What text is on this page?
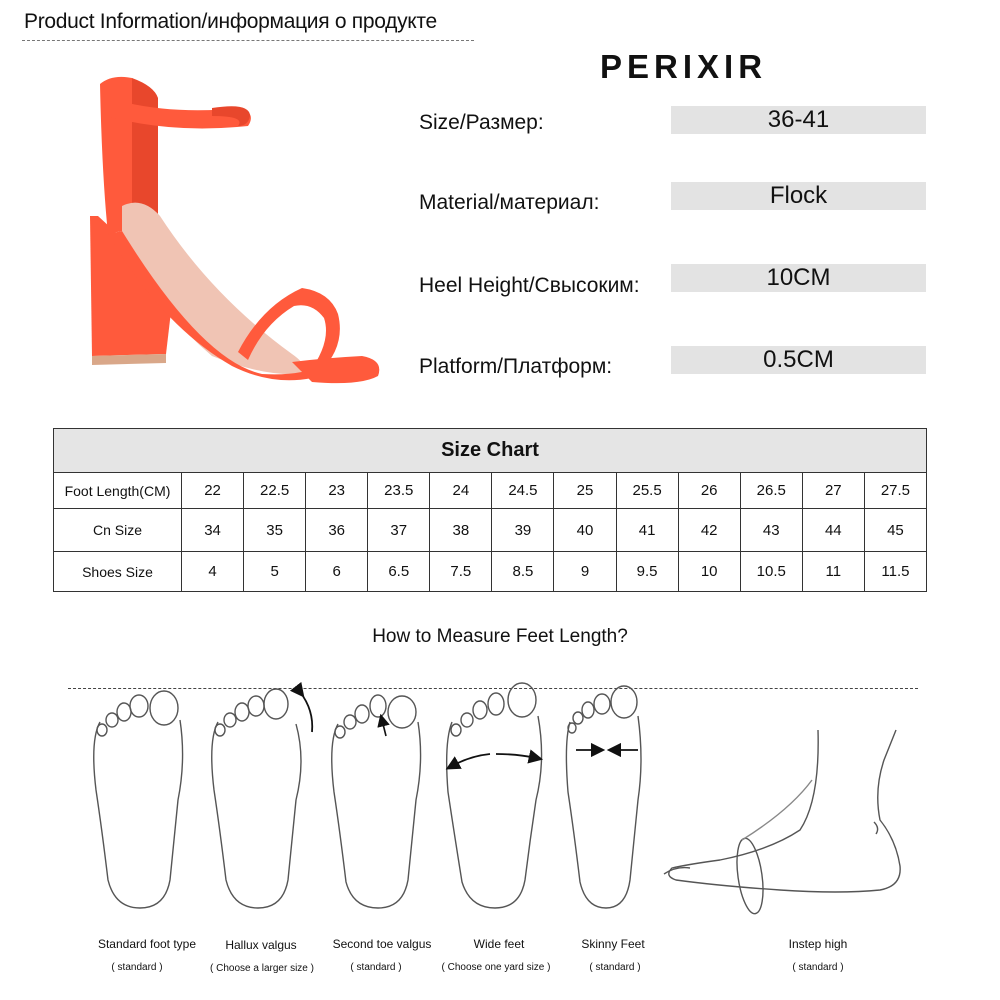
Product Information/информация о продукте
PERIXIR
Size/Размер:	36-41
Material/материал:	Flock
Heel Height/Свысоким:	10CM
Platform/Платформ:	0.5CM
Size Chart												
Foot Length(CM)	22	22.5	23	23.5	24	24.5	25	25.5	26	26.5	27	27.5
Cn Size	34	35	36	37	38	39	40	41	42	43	44	45
Shoes Size	4	5	6	6.5	7.5	8.5	9	9.5	10	10.5	11	11.5
How to Measure Feet Length?
Standard foot type
( standard )
Hallux valgus
( Choose a larger size )
Second toe valgus
( standard )
Wide feet
( Choose one yard size )
Skinny Feet
( standard )
Instep high
( standard )
